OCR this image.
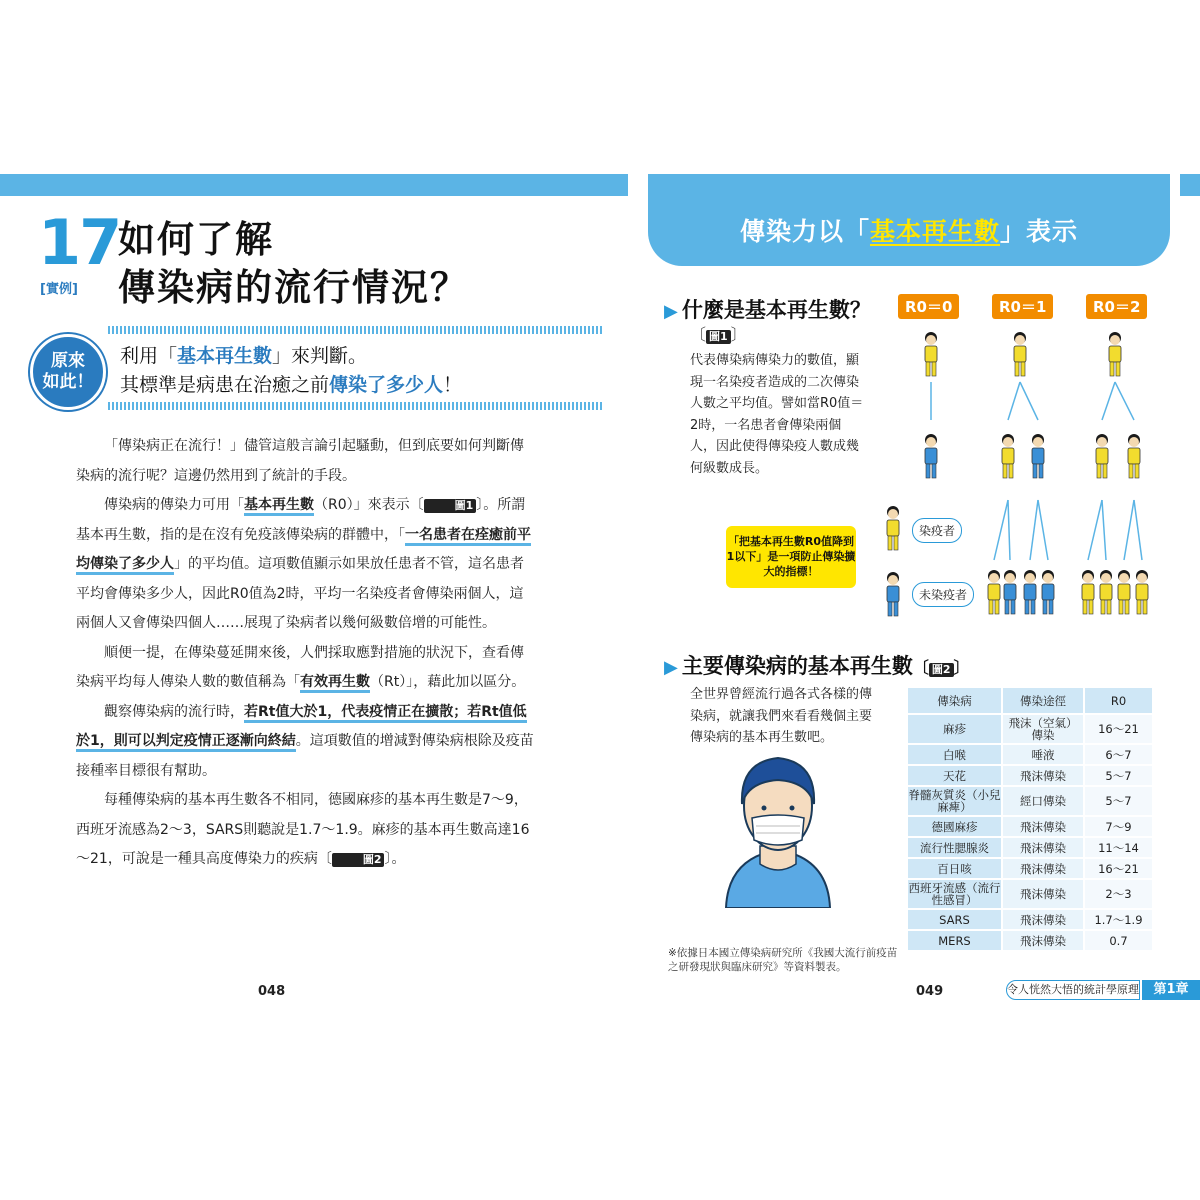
傳染力以「 基本再生數 」表示
17
[實例]
如何了解
傳染病的流行情況？
原來
如此！
利用「基本再生數」來判斷。
其標準是病患在治癒之前傳染了多少人！

「傳染病正在流行！」儘管這般言論引起騷動，但到底要如何判斷傳染病的流行呢？這邊仍然用到了統計的手段。

傳染病的傳染力可用「基本再生數（R0）」來表示〔	圖1 〕。所謂基本再生數，指的是在沒有免疫該傳染病的群體中，「一名患者在痊癒前平均傳染了多少人」的平均值。這項數值顯示如果放任患者不管，這名患者平均會傳染多少人，因此R0值為2時，平均一名染疫者會傳染兩個人，這兩個人又會傳染四個人……展現了染病者以幾何級數倍增的可能性。

順便一提，在傳染蔓延開來後，人們採取應對措施的狀況下，查看傳染病平均每人傳染人數的數值稱為「有效再生數（Rt）」，藉此加以區分。

觀察傳染病的流行時，若Rt值大於1，代表疫情正在擴散；若Rt值低於1，則可以判定疫情正逐漸向終結。這項數值的增減對傳染病根除及疫苗接種率目標很有幫助。

每種傳染病的基本再生數各不相同，德國麻疹的基本再生數是7～9，西班牙流感為2～3，SARS則聽說是1.7～1.9。麻疹的基本再生數高達16～21，可說是一種具高度傳染力的疾病〔	圖2 〕。

048
▶ 什麼是基本再生數？
〔 圖1 〕
代表傳染病傳染力的數值，顯現一名染疫者造成的二次傳染人數之平均值。譬如當R0值＝2時，一名患者會傳染兩個人，因此使得傳染疫人數成幾何級數成長。
R0＝0	R0＝1	R0＝2
「把基本再生數R0值降到1以下」是一項防止傳染擴大的指標！
染疫者
未染疫者
▶ 主要傳染病的基本再生數〔 圖2 〕
全世界曾經流行過各式各樣的傳染病，就讓我們來看看幾個主要傳染病的基本再生數吧。
傳染病	傳染途徑	R0
麻疹	飛沫（空氣）傳染	16～21
白喉	唾液	6～7
天花	飛沫傳染	5～7
脊髓灰質炎（小兒麻痺）	經口傳染	5～7
德國麻疹	飛沫傳染	7～9
流行性腮腺炎	飛沫傳染	11～14
百日咳	飛沫傳染	16～21
西班牙流感（流行性感冒）	飛沫傳染	2～3
SARS	飛沫傳染	1.7～1.9
MERS	飛沫傳染	0.7
※依據日本國立傳染病研究所《我國大流行前疫苗之研發現狀與臨床研究》等資料製表。
049	令人恍然大悟的統計學原理	第1章
